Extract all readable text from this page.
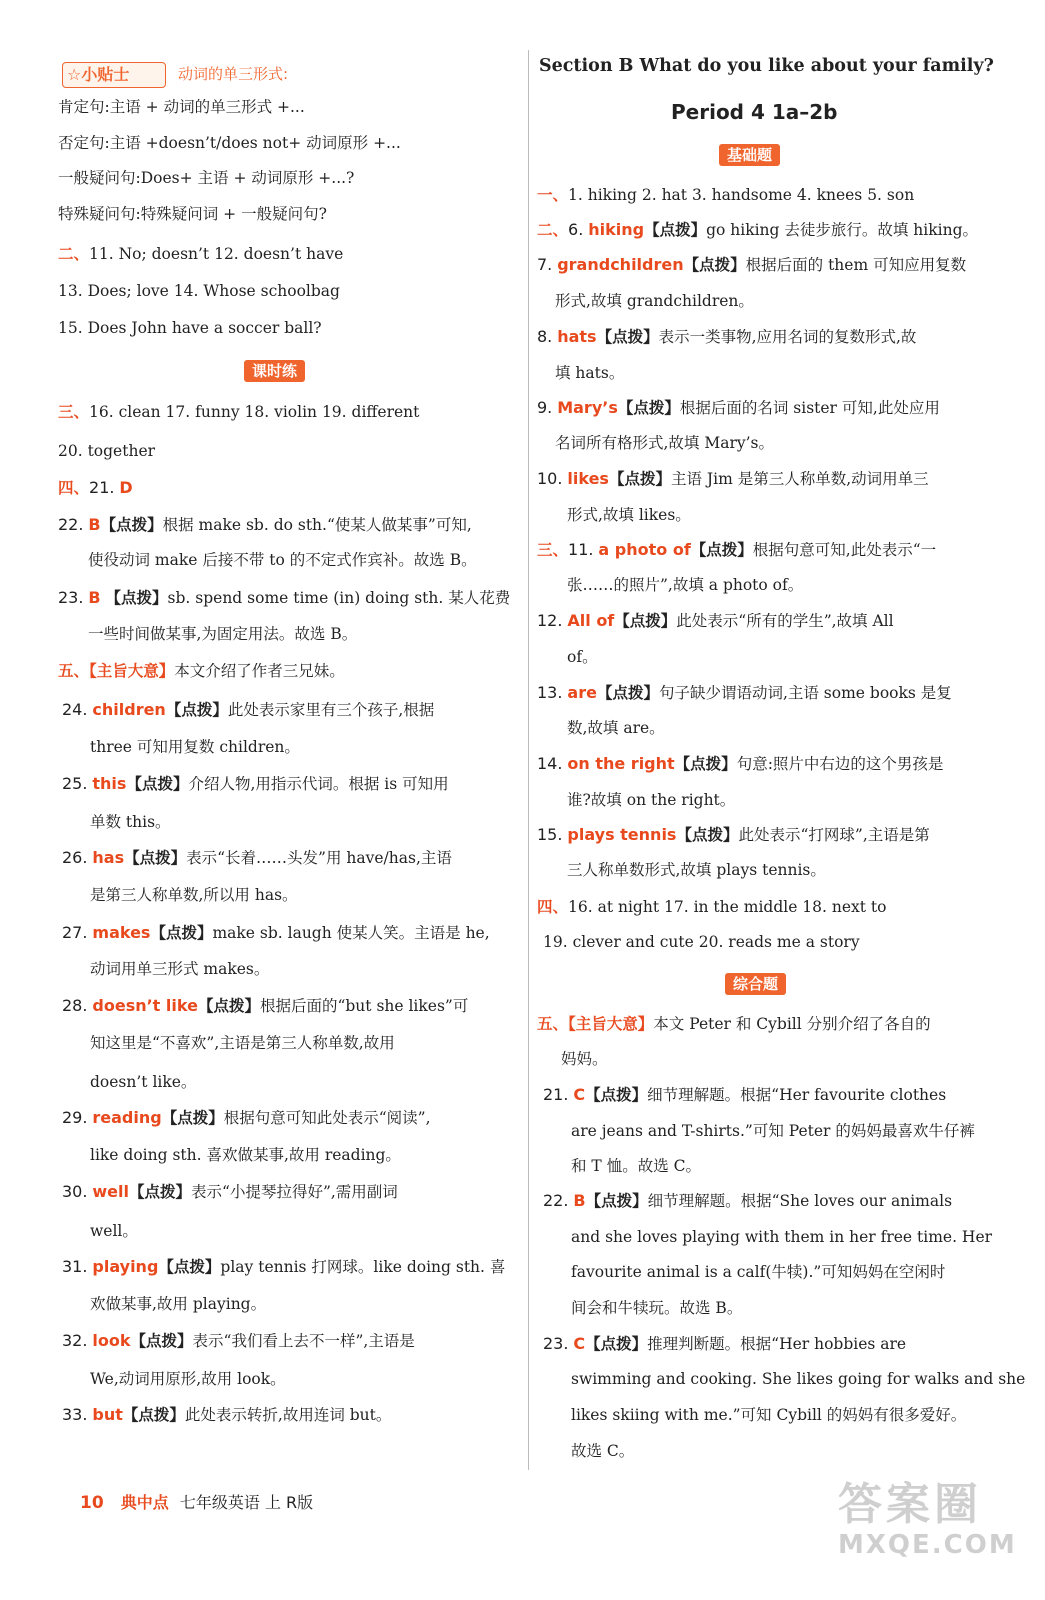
☆小贴士	动词的单三形式:
肯定句:主语 + 动词的单三形式 +...
否定句:主语 +doesn’t/does not+ 动词原形 +...
一般疑问句:Does+ 主语 + 动词原形 +...?
特殊疑问句:特殊疑问词 + 一般疑问句?
二、11. No; doesn’t 12. doesn’t have
13. Does; love 14. Whose schoolbag
15. Does John have a soccer ball?
课时练
三、16. clean 17. funny 18. violin 19. different
20. together
四、21. D
22. B【点拨】根据 make sb. do sth.“使某人做某事”可知,
使役动词 make 后接不带 to 的不定式作宾补。故选 B。
23. B 【点拨】sb. spend some time (in) doing sth. 某人花费
一些时间做某事,为固定用法。故选 B。
五、【主旨大意】本文介绍了作者三兄妹。
24. children【点拨】此处表示家里有三个孩子,根据
three 可知用复数 children。
25. this【点拨】介绍人物,用指示代词。根据 is 可知用
单数 this。
26. has【点拨】表示“长着……头发”用 have/has,主语
是第三人称单数,所以用 has。
27. makes【点拨】make sb. laugh 使某人笑。主语是 he,
动词用单三形式 makes。
28. doesn’t like【点拨】根据后面的“but she likes”可
知这里是“不喜欢”,主语是第三人称单数,故用
doesn’t like。
29. reading【点拨】根据句意可知此处表示“阅读”,
like doing sth. 喜欢做某事,故用 reading。
30. well【点拨】表示“小提琴拉得好”,需用副词
well。
31. playing【点拨】play tennis 打网球。like doing sth. 喜
欢做某事,故用 playing。
32. look【点拨】表示“我们看上去不一样”,主语是
We,动词用原形,故用 look。
33. but【点拨】此处表示转折,故用连词 but。
Section B What do you like about your family?
Period 4 1a–2b
基础题
一、1. hiking 2. hat 3. handsome 4. knees 5. son
二、6. hiking【点拨】go hiking 去徒步旅行。故填 hiking。
7. grandchildren【点拨】根据后面的 them 可知应用复数
形式,故填 grandchildren。
8. hats【点拨】表示一类事物,应用名词的复数形式,故
填 hats。
9. Mary’s【点拨】根据后面的名词 sister 可知,此处应用
名词所有格形式,故填 Mary’s。
10. likes【点拨】主语 Jim 是第三人称单数,动词用单三
形式,故填 likes。
三、11. a photo of【点拨】根据句意可知,此处表示“一
张……的照片”,故填 a photo of。
12. All of【点拨】此处表示“所有的学生”,故填 All
of。
13. are【点拨】句子缺少谓语动词,主语 some books 是复
数,故填 are。
14. on the right【点拨】句意:照片中右边的这个男孩是
谁?故填 on the right。
15. plays tennis【点拨】此处表示“打网球”,主语是第
三人称单数形式,故填 plays tennis。
四、16. at night 17. in the middle 18. next to
19. clever and cute 20. reads me a story
综合题
五、【主旨大意】本文 Peter 和 Cybill 分别介绍了各自的
妈妈。
21. C【点拨】细节理解题。根据“Her favourite clothes
are jeans and T-shirts.”可知 Peter 的妈妈最喜欢牛仔裤
和 T 恤。故选 C。
22. B【点拨】细节理解题。根据“She loves our animals
and she loves playing with them in her free time. Her
favourite animal is a calf(牛犊).”可知妈妈在空闲时
间会和牛犊玩。故选 B。
23. C【点拨】推理判断题。根据“Her hobbies are
swimming and cooking. She likes going for walks and she
likes skiing with me.”可知 Cybill 的妈妈有很多爱好。
故选 C。
10 典中点 七年级英语 上 R版	答案圈
MXQE.COM
